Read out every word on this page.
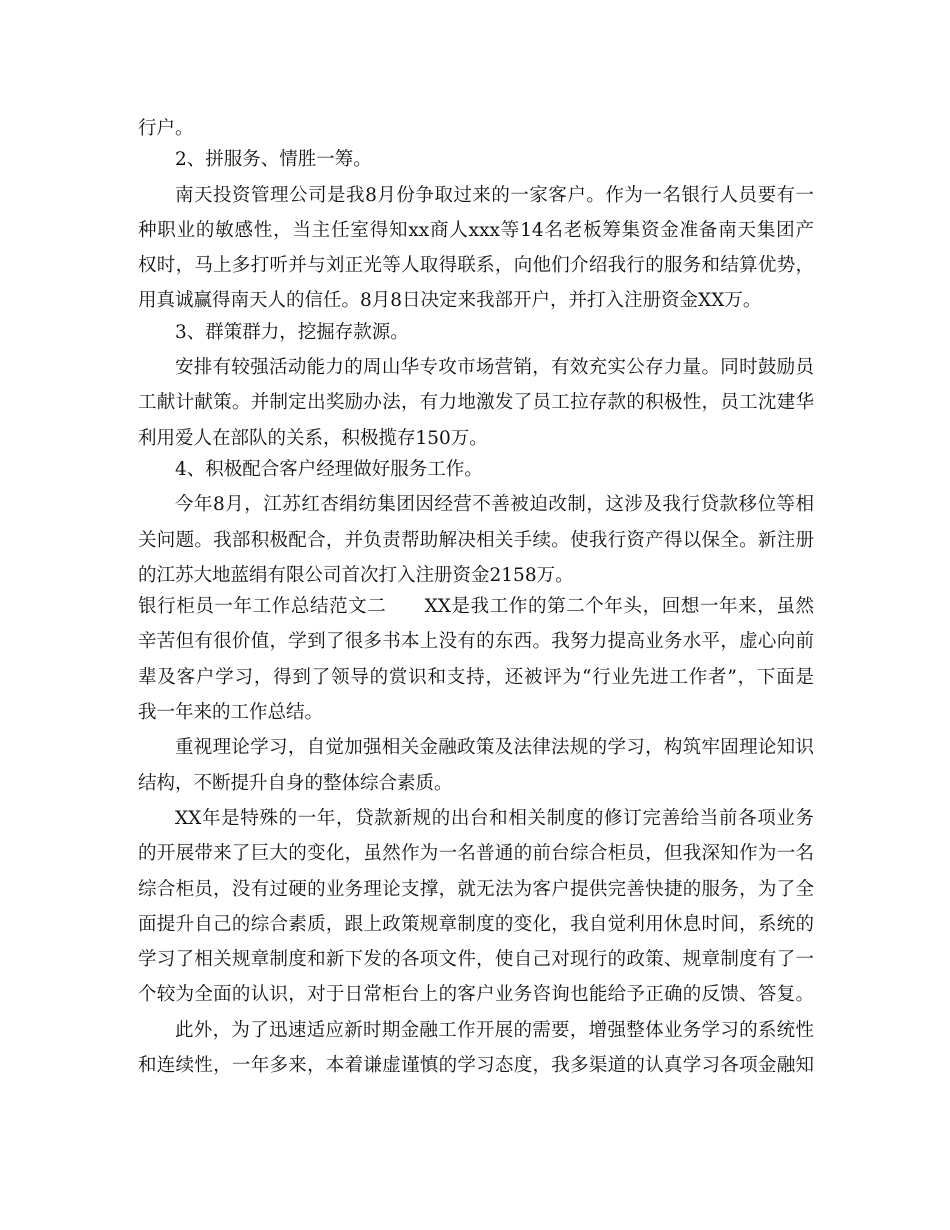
行户。
2、拼服务、情胜一筹。
南天投资管理公司是我8月份争取过来的一家客户。作为一名银行人员要有一
种职业的敏感性，当主任室得知xx商人xxx等14名老板筹集资金准备南天集团产
权时，马上多打听并与刘正光等人取得联系，向他们介绍我行的服务和结算优势，
用真诚赢得南天人的信任。8月8日决定来我部开户，并打入注册资金XX万。
3、群策群力，挖掘存款源。
安排有较强活动能力的周山华专攻市场营销，有效充实公存力量。同时鼓励员
工献计献策。并制定出奖励办法，有力地激发了员工拉存款的积极性，员工沈建华
利用爱人在部队的关系，积极揽存150万。
4、积极配合客户经理做好服务工作。
今年8月，江苏红杏绢纺集团因经营不善被迫改制，这涉及我行贷款移位等相
关问题。我部积极配合，并负责帮助解决相关手续。使我行资产得以保全。新注册
的江苏大地蓝绢有限公司首次打入注册资金2158万。
银行柜员一年工作总结范文二　　XX是我工作的第二个年头，回想一年来，虽然
辛苦但有很价值，学到了很多书本上没有的东西。我努力提高业务水平，虚心向前
辈及客户学习，得到了领导的赏识和支持，还被评为“行业先进工作者”，下面是
我一年来的工作总结。
重视理论学习，自觉加强相关金融政策及法律法规的学习，构筑牢固理论知识
结构，不断提升自身的整体综合素质。
XX年是特殊的一年，贷款新规的出台和相关制度的修订完善给当前各项业务
的开展带来了巨大的变化，虽然作为一名普通的前台综合柜员，但我深知作为一名
综合柜员，没有过硬的业务理论支撑，就无法为客户提供完善快捷的服务，为了全
面提升自己的综合素质，跟上政策规章制度的变化，我自觉利用休息时间，系统的
学习了相关规章制度和新下发的各项文件，使自己对现行的政策、规章制度有了一
个较为全面的认识，对于日常柜台上的客户业务咨询也能给予正确的反馈、答复。
此外，为了迅速适应新时期金融工作开展的需要，增强整体业务学习的系统性
和连续性，一年多来，本着谦虚谨慎的学习态度，我多渠道的认真学习各项金融知
